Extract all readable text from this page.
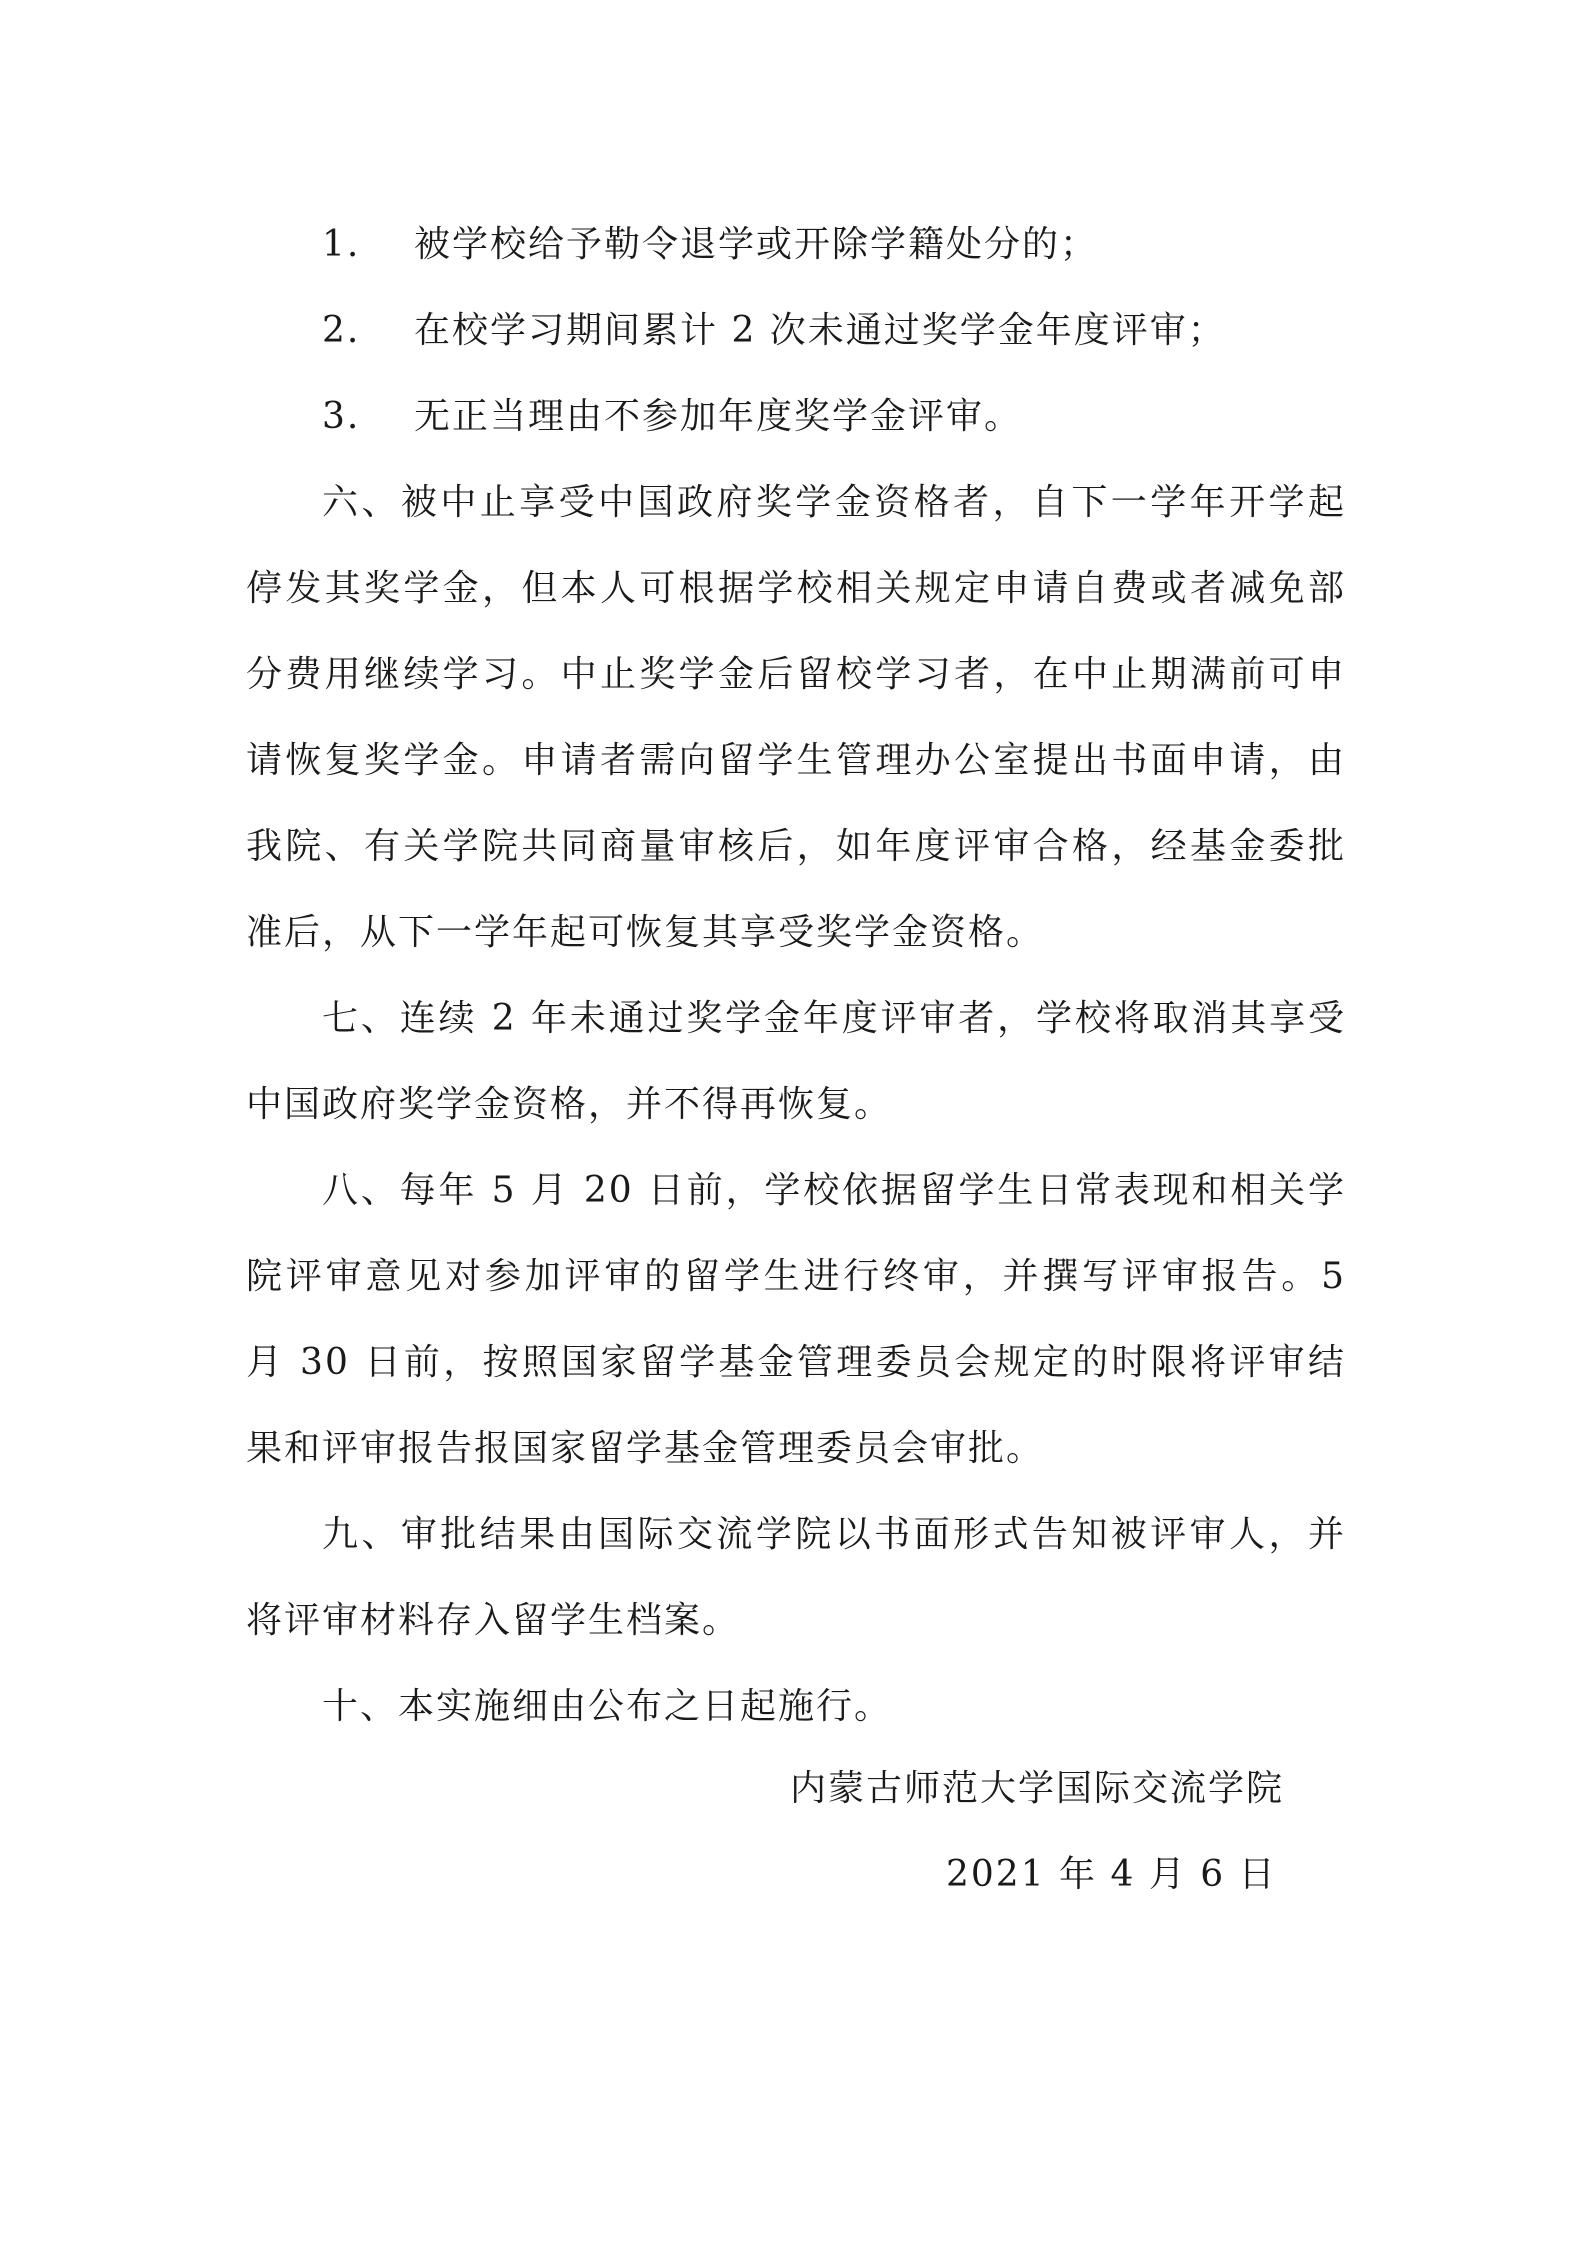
1.	被学校给予勒令退学或开除学籍处分的；
2.	在校学习期间累计 2 次未通过奖学金年度评审；
3.	无正当理由不参加年度奖学金评审。

六、被中止享受中国政府奖学金资格者，自下一学年开学起停发其奖学金，但本人可根据学校相关规定申请自费或者减免部分费用继续学习。中止奖学金后留校学习者，在中止期满前可申请恢复奖学金。申请者需向留学生管理办公室提出书面申请，由我院、有关学院共同商量审核后，如年度评审合格，经基金委批准后，从下一学年起可恢复其享受奖学金资格。

七、连续 2 年未通过奖学金年度评审者，学校将取消其享受中国政府奖学金资格，并不得再恢复。

八、每年 5 月 20 日前，学校依据留学生日常表现和相关学院评审意见对参加评审的留学生进行终审，并撰写评审报告。5 月 30 日前，按照国家留学基金管理委员会规定的时限将评审结果和评审报告报国家留学基金管理委员会审批。

九、审批结果由国际交流学院以书面形式告知被评审人，并将评审材料存入留学生档案。

十、本实施细由公布之日起施行。

内蒙古师范大学国际交流学院
2021 年 4 月 6 日
